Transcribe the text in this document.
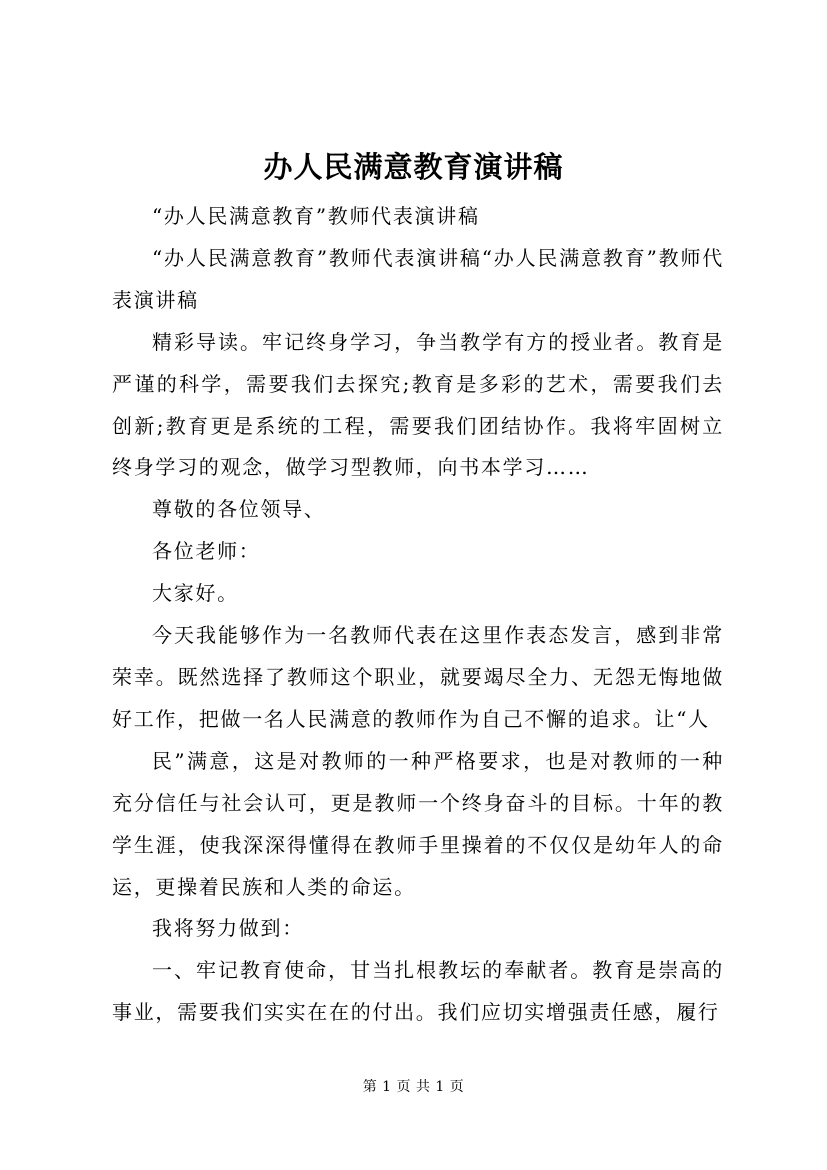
办人民满意教育演讲稿

“办人民满意教育”教师代表演讲稿

“办人民满意教育”教师代表演讲稿“办人民满意教育”教师代表演讲稿

精彩导读。牢记终身学习，争当教学有方的授业者。教育是严谨的科学，需要我们去探究;教育是多彩的艺术，需要我们去创新;教育更是系统的工程，需要我们团结协作。我将牢固树立终身学习的观念，做学习型教师，向书本学习……

尊敬的各位领导、

各位老师：

大家好。

今天我能够作为一名教师代表在这里作表态发言，感到非常荣幸。既然选择了教师这个职业，就要竭尽全力、无怨无悔地做好工作，把做一名人民满意的教师作为自己不懈的追求。让“人

民”满意，这是对教师的一种严格要求，也是对教师的一种充分信任与社会认可，更是教师一个终身奋斗的目标。十年的教学生涯，使我深深得懂得在教师手里操着的不仅仅是幼年人的命运，更操着民族和人类的命运。

我将努力做到：

一、牢记教育使命，甘当扎根教坛的奉献者。教育是崇高的事业，需要我们实实在在的付出。我们应切实增强责任感，履行

第 1 页 共 1 页
